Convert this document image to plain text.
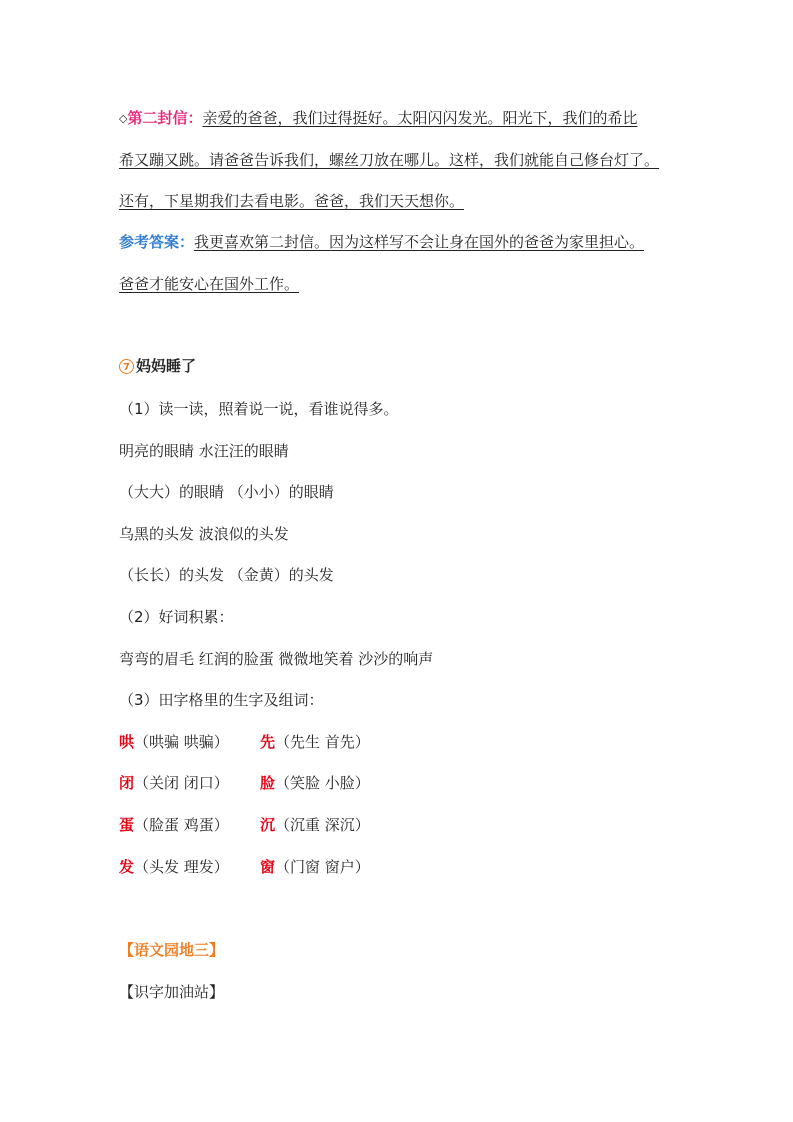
◇第二封信：亲爱的爸爸，我们过得挺好。太阳闪闪发光。阳光下，我们的希比
希又蹦又跳。请爸爸告诉我们，螺丝刀放在哪儿。这样，我们就能自己修台灯了。
还有，下星期我们去看电影。爸爸，我们天天想你。
参考答案：我更喜欢第二封信。因为这样写不会让身在国外的爸爸为家里担心。
爸爸才能安心在国外工作。
7 妈妈睡了
（1）读一读，照着说一说，看谁说得多。
明亮的眼睛 水汪汪的眼睛
（大大）的眼睛 （小小）的眼睛
乌黑的头发 波浪似的头发
（长长）的头发 （金黄）的头发
（2）好词积累：
弯弯的眉毛 红润的脸蛋 微微地笑着 沙沙的响声
（3）田字格里的生字及组词：
哄（哄骗 哄骗） 先（先生 首先）
闭（关闭 闭口） 脸（笑脸 小脸）
蛋（脸蛋 鸡蛋） 沉（沉重 深沉）
发（头发 理发） 窗（门窗 窗户）
【语文园地三】
【识字加油站】
